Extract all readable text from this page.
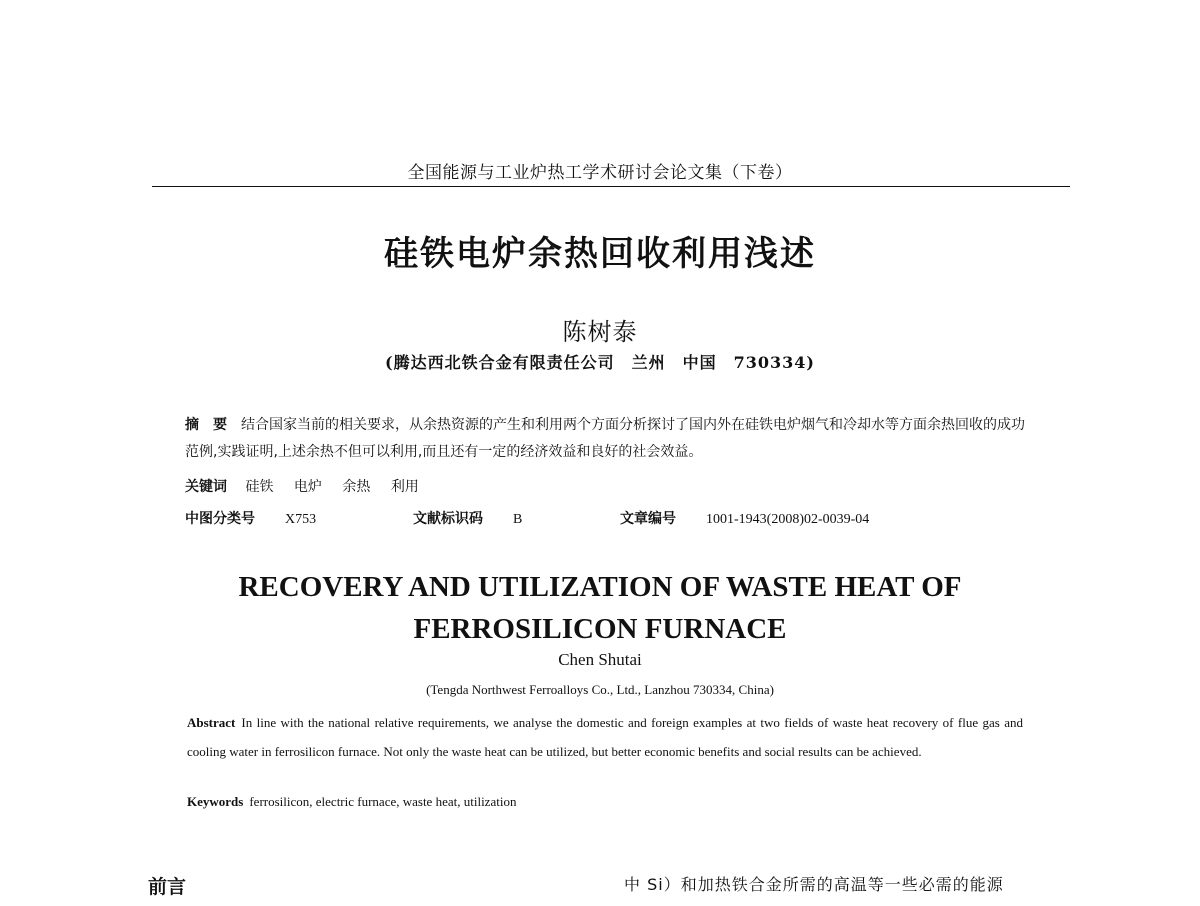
全国能源与工业炉热工学术研讨会论文集（下卷）
硅铁电炉余热回收利用浅述
陈树泰
(腾达西北铁合金有限责任公司　兰州　中国　730334)
摘　要 结合国家当前的相关要求，从余热资源的产生和利用两个方面分析探讨了国内外在硅铁电炉烟气和冷却水等方面余热回收的成功范例,实践证明,上述余热不但可以利用,而且还有一定的经济效益和良好的社会效益。
关键词 硅铁 电炉 余热 利用
中图分类号 X753	文献标识码 B	文章编号 1001-1943(2008)02-0039-04
RECOVERY AND UTILIZATION OF WASTE HEAT OF FERROSILICON FURNACE
Chen Shutai
(Tengda Northwest Ferroalloys Co., Ltd., Lanzhou 730334, China)
Abstract In line with the national relative requirements, we analyse the domestic and foreign examples at two fields of waste heat recovery of flue gas and cooling water in ferrosilicon furnace. Not only the waste heat can be utilized, but better economic benefits and social results can be achieved.
Keywords ferrosilicon, electric furnace, waste heat, utilization
前言	中 Si）和加热铁合金所需的高温等一些必需的能源
